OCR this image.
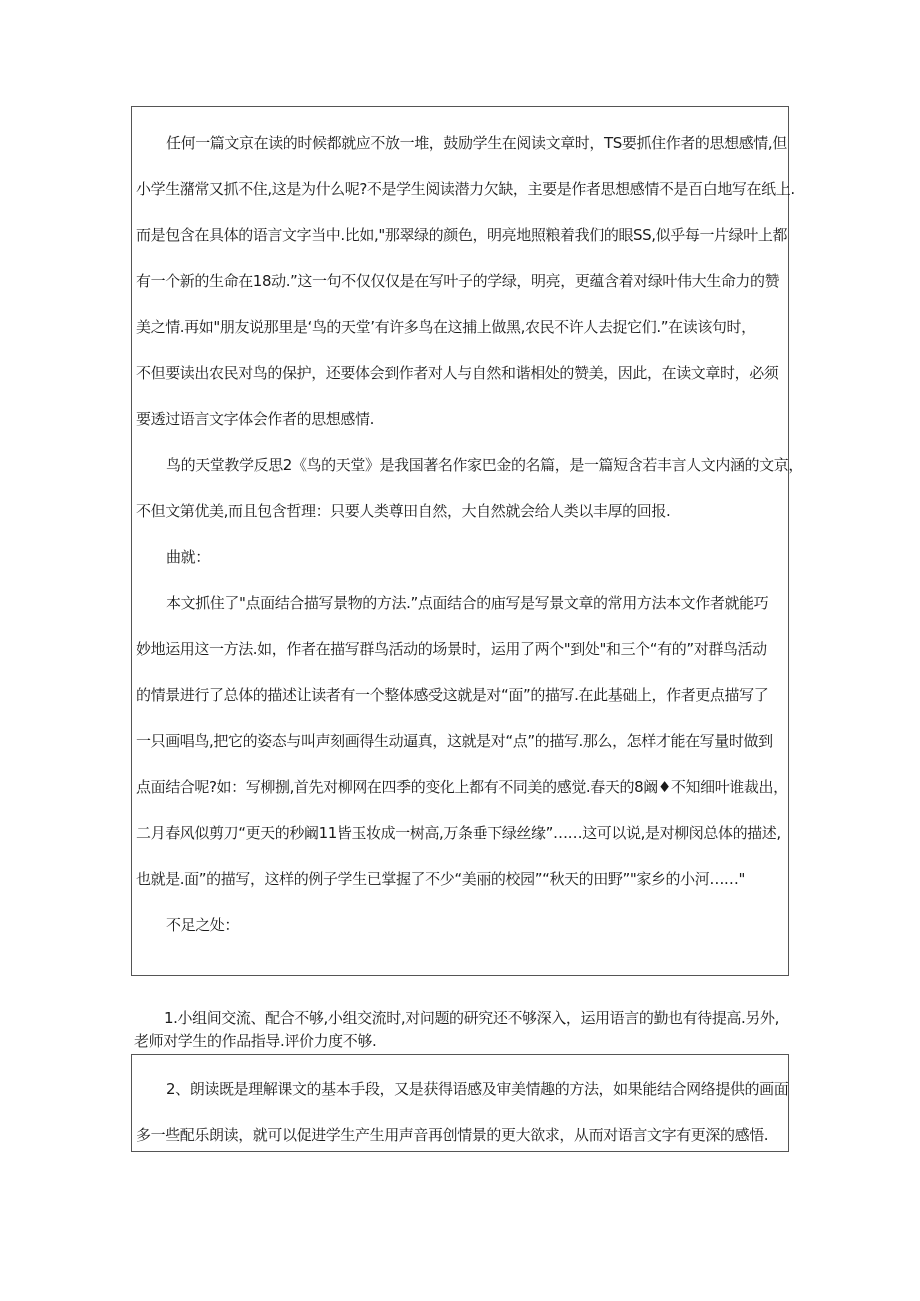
任何一篇文京在读的时候都就应不放一堆，鼓励学生在阅读文章时，TS要抓住作者的思想感情,但

小学生潴常又抓不住,这是为什么呢?不是学生阅读潜力欠缺，主要是作者思想感情不是百白地写在纸上.

而是包含在具体的语言文字当中.比如,"那翠绿的颜色，明亮地照粮着我们的眼SS,似乎每一片绿叶上都

有一个新的生命在18动.”这一句不仅仅仅是在写叶子的学绿，明亮，更蕴含着对绿叶伟大生命力的赞

美之情.再如"朋友说那里是‘鸟的天堂’有许多鸟在这捕上做黑,农民不许人去捉它们.”在读该句时，

不但要读出农民对鸟的保护，还要体会到作者对人与自然和谐相处的赞美，因此，在读文章时，必须

要透过语言文字体会作者的思想感情.

鸟的天堂教学反思2《鸟的天堂》是我国著名作家巴金的名篇，是一篇短含若丰言人文内涵的文京，

不但文第优美,而且包含哲理：只要人类尊田自然，大自然就会给人类以丰厚的回报.

曲就：

本文抓住了"点面结合描写景物的方法.”点面结合的庙写是写景文章的常用方法本文作者就能巧

妙地运用这一方法.如，作者在描写群鸟活动的场景时，运用了两个"到处"和三个“有的”对群鸟活动

的情景进行了总体的描述让读者有一个整体感受这就是对“面”的描写.在此基础上，作者更点描写了

一只画唱鸟,把它的姿态与叫声刻画得生动逼真，这就是对“点”的描写.那么，怎样才能在写量时做到

点面结合呢?如：写柳捌,首先对柳网在四季的变化上都有不同美的感觉.春天的8阚♦不知细叶谁裁出，

二月春风似剪刀“更天的秒阚11皆玉妆成一树高,万条垂下绿丝缘”……这可以说,是对柳闵总体的描述,

也就是.面”的描写，这样的例子学生已掌握了不少“美丽的校园”“秋天的田野”"家乡的小河……"

不足之处：

1.小组间交流、配合不够,小组交流时,对问题的研究还不够深入，运用语言的勤也有待提高.另外,

老师对学生的作品指导.评价力度不够.

2、朗读既是理解课文的基本手段，又是获得语感及审美情趣的方法，如果能结合网络提供的画面

多一些配乐朗读，就可以促进学生产生用声音再创情景的更大欲求，从而对语言文字有更深的感悟.
